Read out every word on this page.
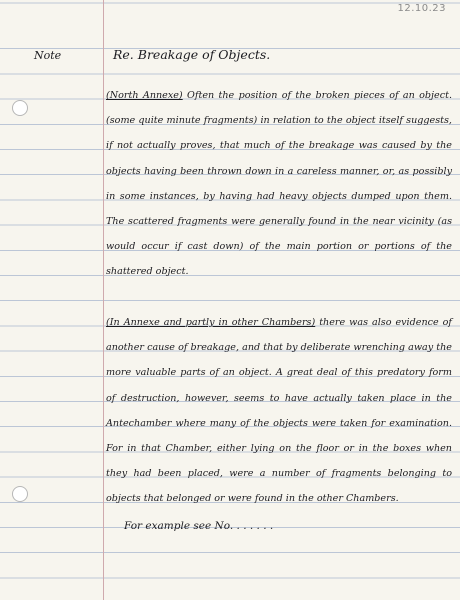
12.10.23
Note	Re. Breakage of Objects.
(North Annexe) Often the position of the broken pieces of an object. (some quite minute fragments) in relation to the object itself suggests, if not actually proves, that much of the breakage was caused by the objects having been thrown down in a careless manner, or, as possibly in some instances, by having had heavy objects dumped upon them. The scattered fragments were generally found in the near vicinity (as would occur if cast down) of the main portion or portions of the shattered object.
(In Annexe and partly in other Chambers) there was also evidence of another cause of breakage, and that by deliberate wrenching away the more valuable parts of an object. A great deal of this predatory form of destruction, however, seems to have actually taken place in the Antechamber where many of the objects were taken for examination. For in that Chamber, either lying on the floor or in the boxes when they had been placed, were a number of fragments belonging to objects that belonged or were found in the other Chambers.
For example see No. . . . . . .
